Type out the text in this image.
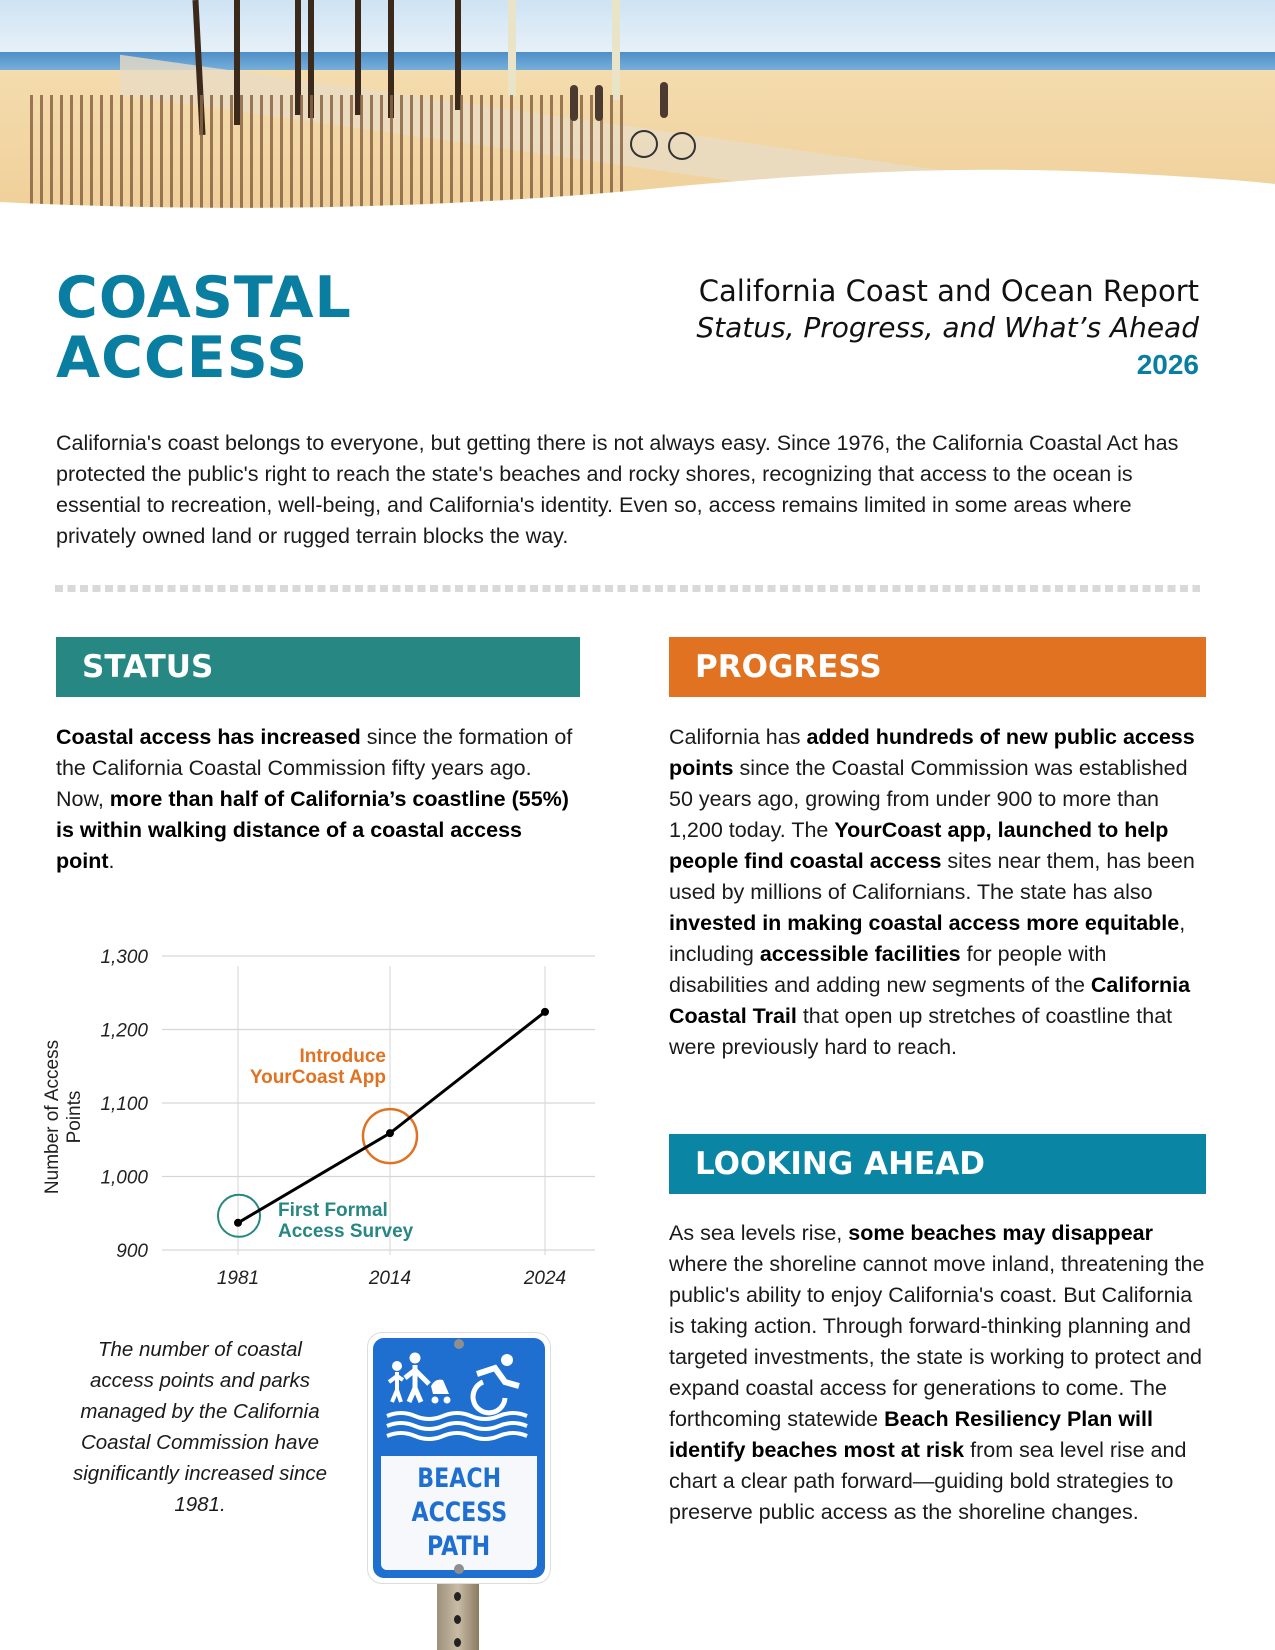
COASTAL
ACCESS
California Coast and Ocean Report
Status, Progress, and What’s Ahead
2026

California's coast belongs to everyone, but getting there is not always easy. Since 1976, the California Coastal Act has protected the public's right to reach the state's beaches and rocky shores, recognizing that access to the ocean is essential to recreation, well-being, and California's identity. Even so, access remains limited in some areas where privately owned land or rugged terrain blocks the way.

STATUS

Coastal access has increased since the formation of the California Coastal Commission fifty years ago. Now, more than half of California’s coastline (55%) is within walking distance of a coastal access point.

Number of Access Points
900
1,000
1,100
1,200
1,300
1981	2014	2024
First Formal
Access Survey
Introduce
YourCoast App

The number of coastal access points and parks managed by the California Coastal Commission have significantly increased since 1981.

BEACH
ACCESS
PATH
PROGRESS

California has added hundreds of new public access points since the Coastal Commission was established 50 years ago, growing from under 900 to more than 1,200 today. The YourCoast app, launched to help people find coastal access sites near them, has been used by millions of Californians. The state has also invested in making coastal access more equitable, including accessible facilities for people with disabilities and adding new segments of the California Coastal Trail that open up stretches of coastline that were previously hard to reach.

LOOKING AHEAD

As sea levels rise, some beaches may disappear where the shoreline cannot move inland, threatening the public's ability to enjoy California's coast. But California is taking action. Through forward-thinking planning and targeted investments, the state is working to protect and expand coastal access for generations to come. The forthcoming statewide Beach Resiliency Plan will identify beaches most at risk from sea level rise and chart a clear path forward—guiding bold strategies to preserve public access as the shoreline changes.
